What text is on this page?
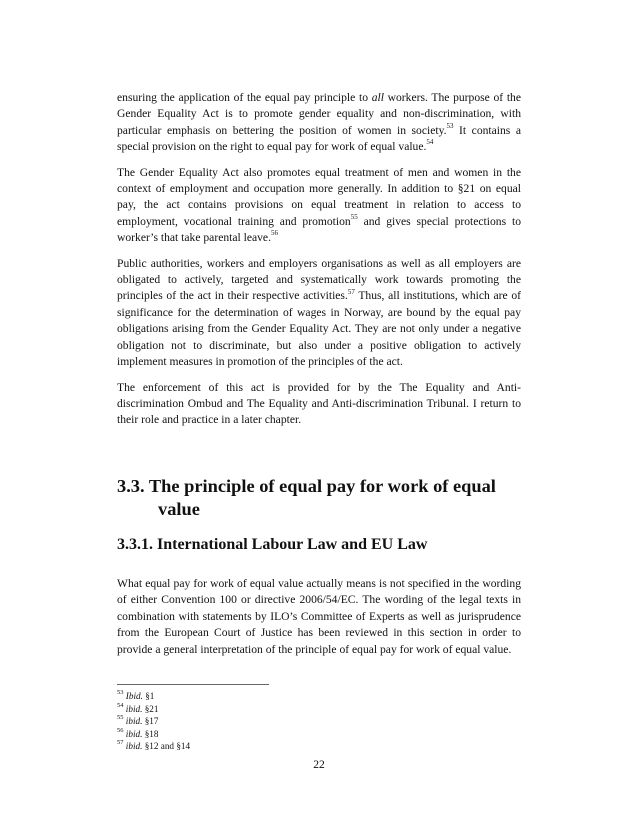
ensuring the application of the equal pay principle to all workers. The purpose of the Gender Equality Act is to promote gender equality and non-discrimination, with particular emphasis on bettering the position of women in society.$^{53}$ It contains a special provision on the right to equal pay for work of equal value.$^{54}$

The Gender Equality Act also promotes equal treatment of men and women in the context of employment and occupation more generally. In addition to §21 on equal pay, the act contains provisions on equal treatment in relation to access to employment, vocational training and promotion$^{55}$ and gives special protections to worker’s that take parental leave.$^{56}$

Public authorities, workers and employers organisations as well as all employers are obligated to actively, targeted and systematically work towards promoting the principles of the act in their respective activities.$^{57}$ Thus, all institutions, which are of significance for the determination of wages in Norway, are bound by the equal pay obligations arising from the Gender Equality Act. They are not only under a negative obligation not to discriminate, but also under a positive obligation to actively implement measures in promotion of the principles of the act.

The enforcement of this act is provided for by the The Equality and Anti-discrimination Ombud and The Equality and Anti-discrimination Tribunal. I return to their role and practice in a later chapter.

3.3. The principle of equal pay for work of equal
value
3.3.1. International Labour Law and EU Law

What equal pay for work of equal value actually means is not specified in the wording of either Convention 100 or directive 2006/54/EC. The wording of the legal texts in combination with statements by ILO’s Committee of Experts as well as jurisprudence from the European Court of Justice has been reviewed in this section in order to provide a general interpretation of the principle of equal pay for work of equal value.

$^{53}$ Ibid. §1
$^{54}$ ibid. §21
$^{55}$ ibid. §17
$^{56}$ ibid. §18
$^{57}$ ibid. §12 and §14
22
